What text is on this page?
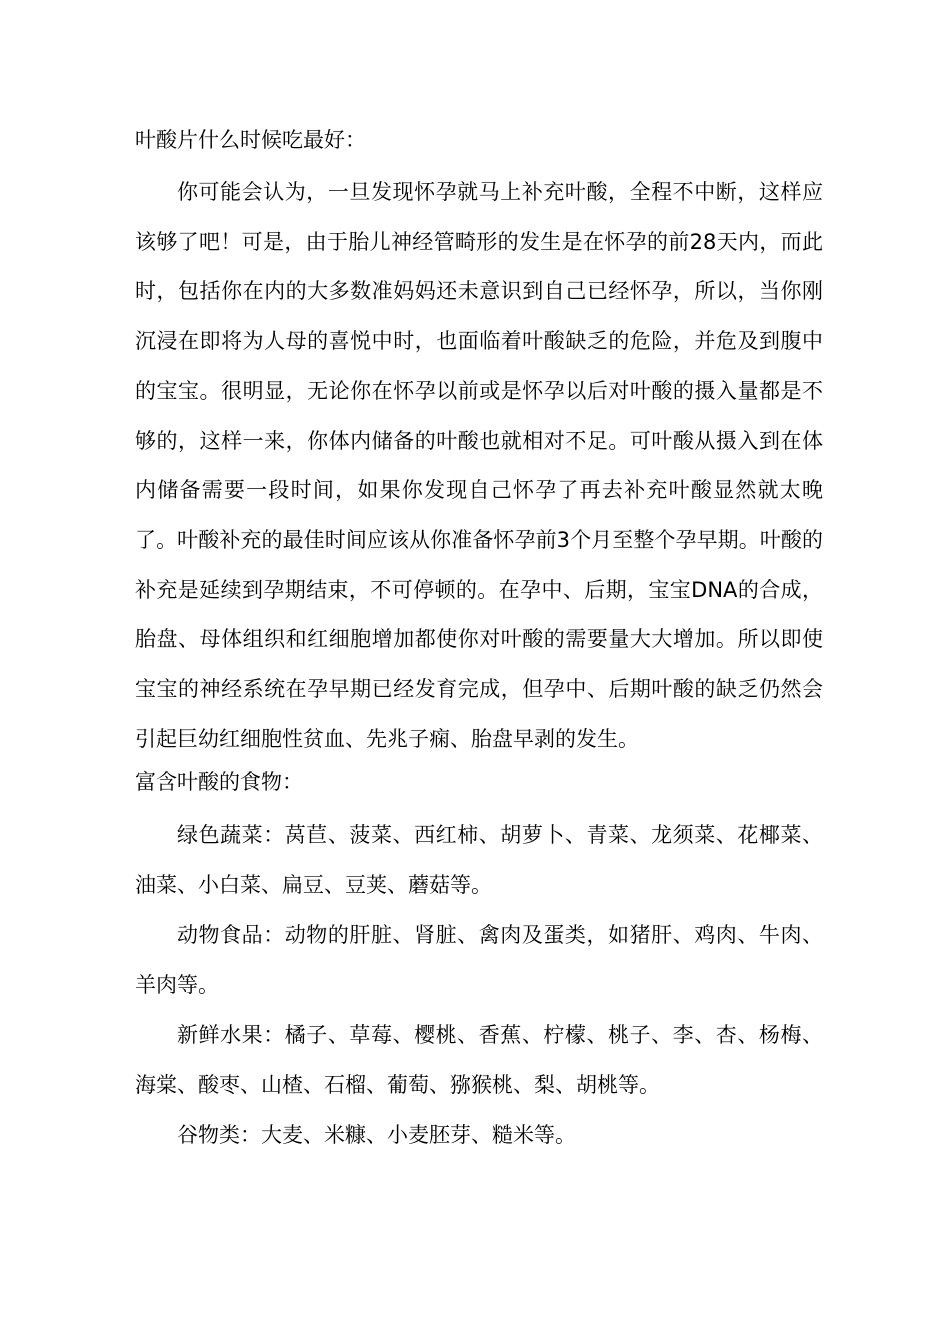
叶酸片什么时候吃最好：

你可能会认为，一旦发现怀孕就马上补充叶酸，全程不中断，这样应该够了吧！可是，由于胎儿神经管畸形的发生是在怀孕的前28天内，而此时，包括你在内的大多数准妈妈还未意识到自己已经怀孕，所以，当你刚沉浸在即将为人母的喜悦中时，也面临着叶酸缺乏的危险，并危及到腹中的宝宝。很明显，无论你在怀孕以前或是怀孕以后对叶酸的摄入量都是不够的，这样一来，你体内储备的叶酸也就相对不足。可叶酸从摄入到在体内储备需要一段时间，如果你发现自己怀孕了再去补充叶酸显然就太晚了。叶酸补充的最佳时间应该从你准备怀孕前3个月至整个孕早期。叶酸的补充是延续到孕期结束，不可停顿的。在孕中、后期，宝宝DNA的合成，胎盘、母体组织和红细胞增加都使你对叶酸的需要量大大增加。所以即使宝宝的神经系统在孕早期已经发育完成，但孕中、后期叶酸的缺乏仍然会引起巨幼红细胞性贫血、先兆子痫、胎盘早剥的发生。

富含叶酸的食物：

绿色蔬菜：莴苣、菠菜、西红柿、胡萝卜、青菜、龙须菜、花椰菜、油菜、小白菜、扁豆、豆荚、蘑菇等。

动物食品：动物的肝脏、肾脏、禽肉及蛋类，如猪肝、鸡肉、牛肉、羊肉等。

新鲜水果：橘子、草莓、樱桃、香蕉、柠檬、桃子、李、杏、杨梅、海棠、酸枣、山楂、石榴、葡萄、猕猴桃、梨、胡桃等。

谷物类：大麦、米糠、小麦胚芽、糙米等。
